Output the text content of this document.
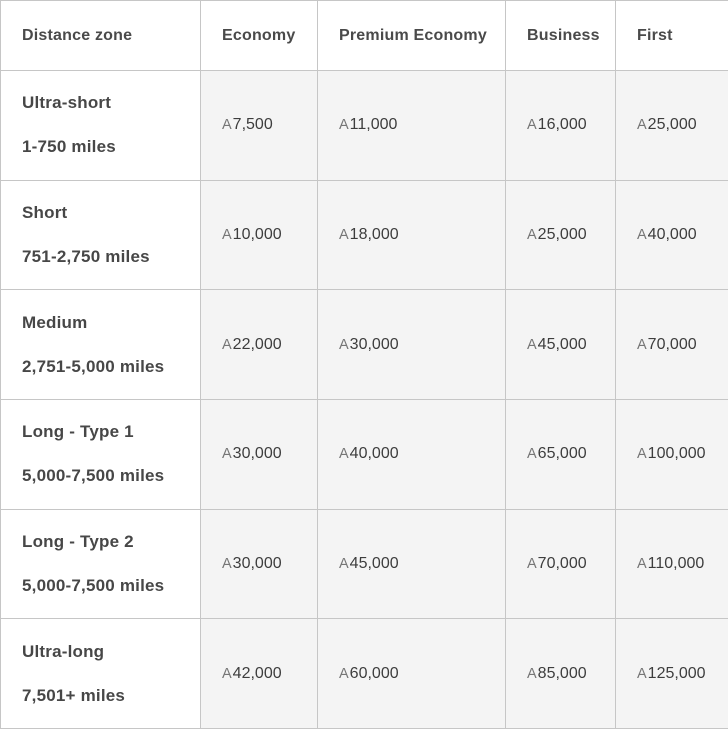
Distance zone	Economy	Premium Economy	Business	First

Ultra-short

1-750 miles	A7,500	A11,000	A16,000	A25,000

Short

751-2,750 miles	A10,000	A18,000	A25,000	A40,000

Medium

2,751-5,000 miles	A22,000	A30,000	A45,000	A70,000

Long - Type 1

5,000-7,500 miles	A30,000	A40,000	A65,000	A100,000

Long - Type 2

5,000-7,500 miles	A30,000	A45,000	A70,000	A110,000

Ultra-long

7,501+ miles	A42,000	A60,000	A85,000	A125,000
